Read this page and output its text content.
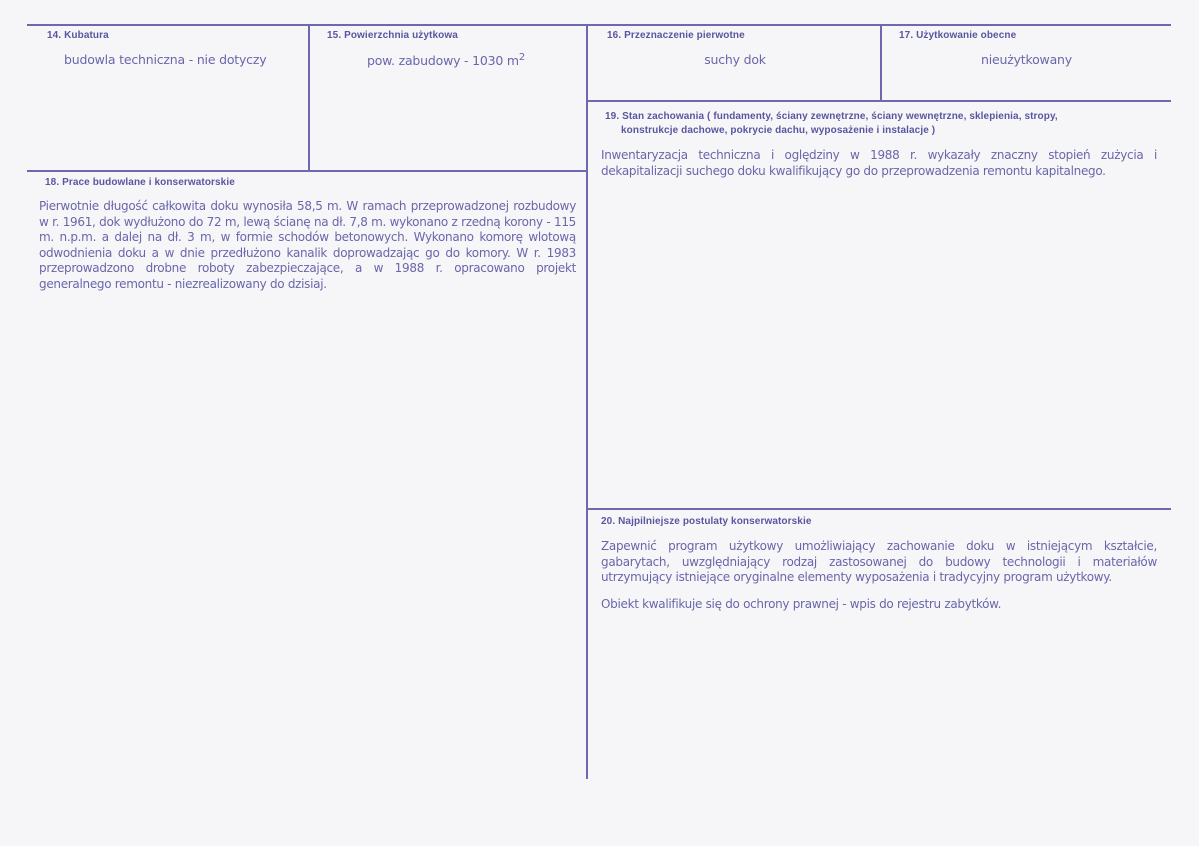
14. Kubatura
budowla techniczna - nie dotyczy
15. Powierzchnia użytkowa
pow. zabudowy - 1030 $m^2$
16. Przeznaczenie pierwotne
suchy dok
17. Użytkowanie obecne
nieużytkowany
19. Stan zachowania ( fundamenty, ściany zewnętrzne, ściany wewnętrzne, sklepienia, stropy,
konstrukcje dachowe, pokrycie dachu, wyposażenie i instalacje )
Inwentaryzacja techniczna i oględziny w 1988 r. wykazały znaczny stopień zużycia i dekapitalizacji suchego doku kwalifikujący go do przeprowadzenia remontu kapitalnego.
18. Prace budowlane i konserwatorskie
Pierwotnie długość całkowita doku wynosiła 58,5 m. W ramach przeprowadzonej rozbudowy w r. 1961, dok wydłużono do 72 m, lewą ścianę na dł. 7,8 m. wykonano z rzedną korony - 115 m. n.p.m. a dalej na dł. 3 m, w formie schodów betonowych. Wykonano komorę wlotową odwodnienia doku a w dnie przedłużono kanalik doprowadzając go do komory. W r. 1983 przeprowadzono drobne roboty zabezpieczające, a w 1988 r. opracowano projekt generalnego remontu - niezrealizowany do dzisiaj.
20. Najpilniejsze postulaty konserwatorskie
Zapewnić program użytkowy umożliwiający zachowanie doku w istniejącym kształcie, gabarytach, uwzględniający rodzaj zastosowanej do budowy technologii i materiałów utrzymujący istniejące oryginalne elementy wyposażenia i tradycyjny program użytkowy.
Obiekt kwalifikuje się do ochrony prawnej - wpis do rejestru zabytków.
